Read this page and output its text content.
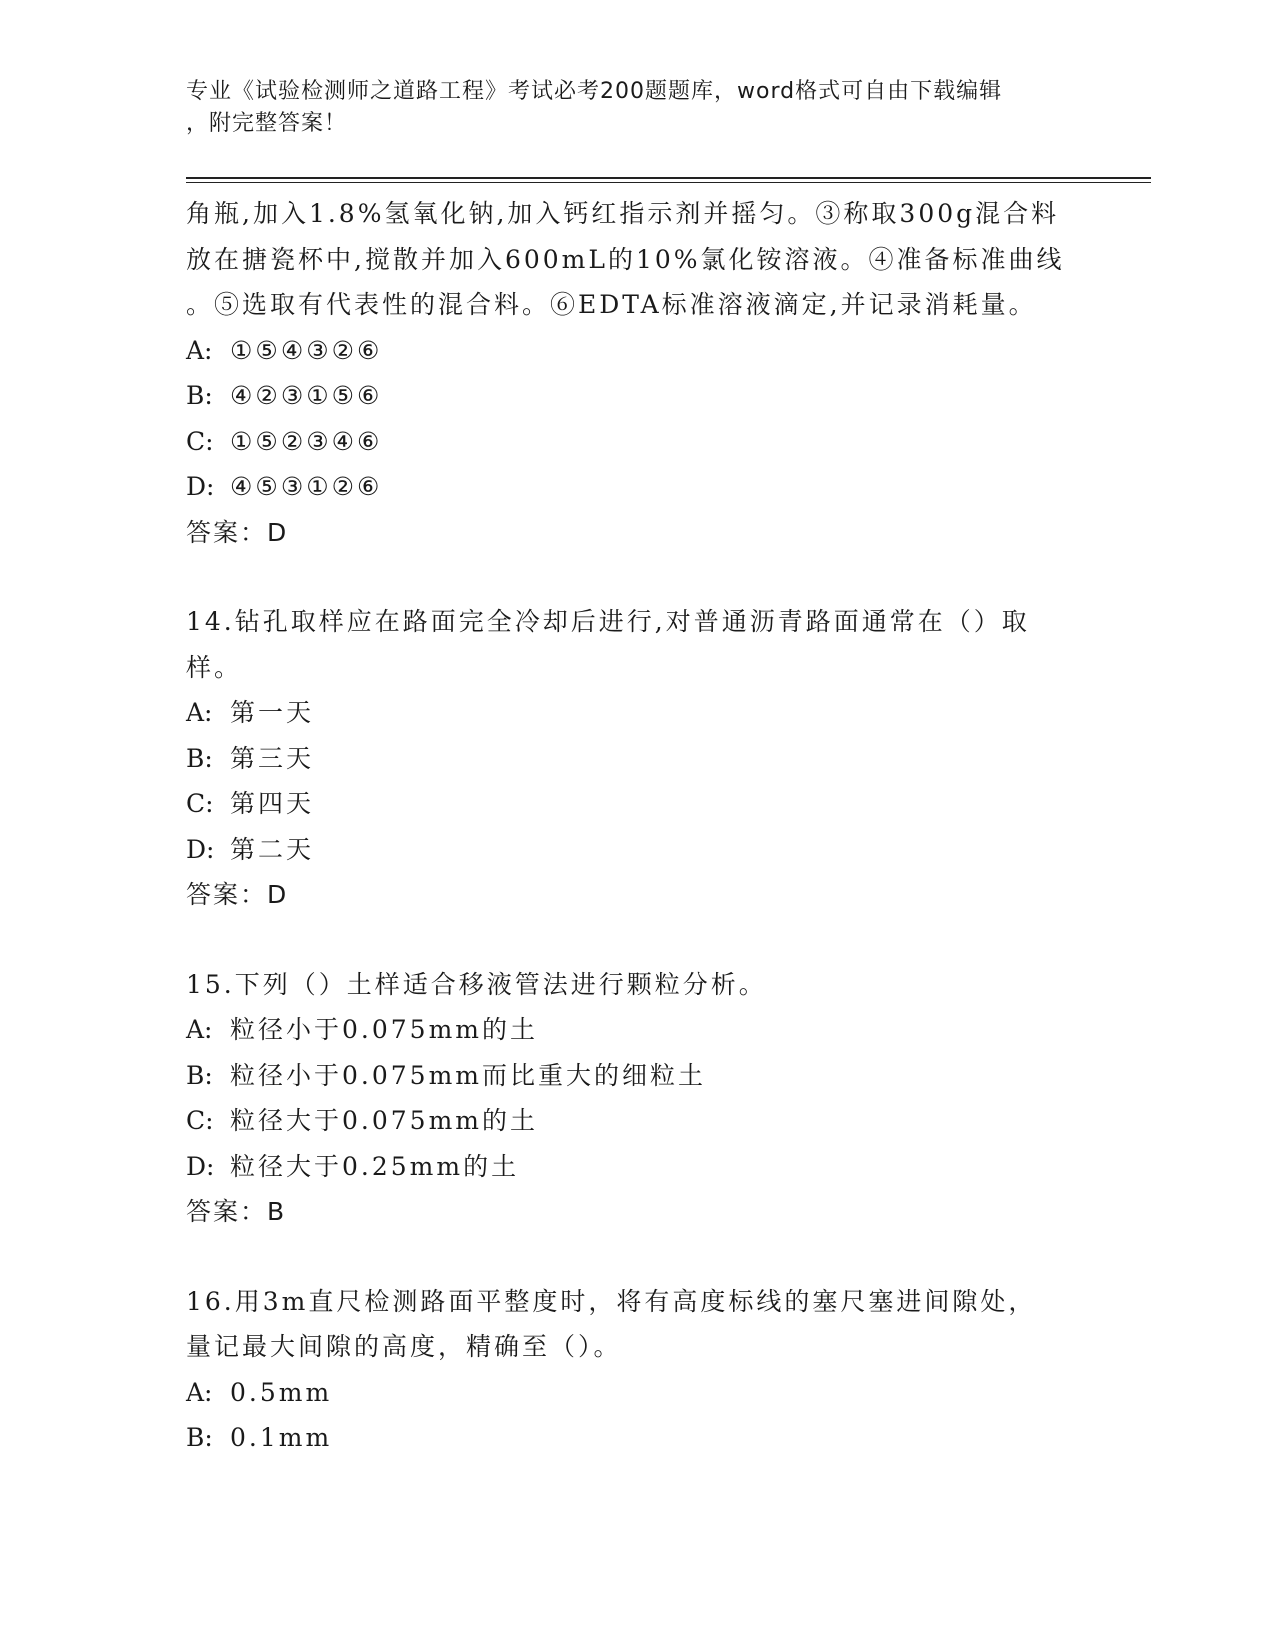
专业《试验检测师之道路工程》考试必考200题题库，word格式可自由下载编辑
，附完整答案！
角瓶,加入1.8%氢氧化钠,加入钙红指示剂并摇匀。③称取300g混合料
放在搪瓷杯中,搅散并加入600mL的10%氯化铵溶液。④准备标准曲线
。⑤选取有代表性的混合料。⑥EDTA标准溶液滴定,并记录消耗量。
A: ①⑤④③②⑥
B: ④②③①⑤⑥
C: ①⑤②③④⑥
D: ④⑤③①②⑥
答案：D
14.钻孔取样应在路面完全冷却后进行,对普通沥青路面通常在（）取
样。
A: 第一天
B: 第三天
C: 第四天
D: 第二天
答案：D
15.下列（）土样适合移液管法进行颗粒分析。
A: 粒径小于0.075mm的土
B: 粒径小于0.075mm而比重大的细粒土
C: 粒径大于0.075mm的土
D: 粒径大于0.25mm的土
答案：B
16.用3m直尺检测路面平整度时，将有高度标线的塞尺塞进间隙处，
量记最大间隙的高度，精确至（）。
A: 0.5mm
B: 0.1mm
